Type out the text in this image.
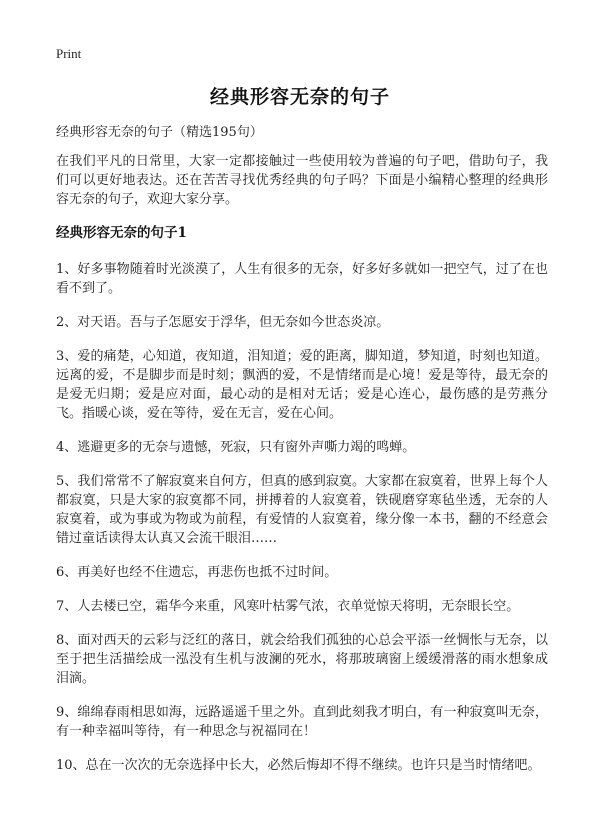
Print
经典形容无奈的句子
经典形容无奈的句子（精选195句）

在我们平凡的日常里，大家一定都接触过一些使用较为普遍的句子吧，借助句子，我们可以更好地表达。还在苦苦寻找优秀经典的句子吗？下面是小编精心整理的经典形容无奈的句子，欢迎大家分享。

经典形容无奈的句子1

1、好多事物随着时光淡漠了，人生有很多的无奈，好多好多就如一把空气，过了在也看不到了。

2、对天语。吾与子怎愿安于浮华，但无奈如今世态炎凉。

3、爱的痛楚，心知道，夜知道，泪知道；爱的距离，脚知道，梦知道，时刻也知道。远离的爱，不是脚步而是时刻；飘洒的爱，不是情绪而是心境！爱是等待，最无奈的是爱无归期；爱是应对面，最心动的是相对无话；爱是心连心，最伤感的是劳燕分飞。指暖心谈，爱在等待，爱在无言，爱在心间。

4、逃避更多的无奈与遗憾，死寂，只有窗外声嘶力竭的鸣蝉。

5、我们常常不了解寂寞来自何方，但真的感到寂寞。大家都在寂寞着，世界上每个人都寂寞，只是大家的寂寞都不同，拼搏着的人寂寞着，铁砚磨穿寒毡坐透，无奈的人寂寞着，或为事或为物或为前程，有爱情的人寂寞着，缘分像一本书，翻的不经意会错过童话读得太认真又会流干眼泪……

6、再美好也经不住遗忘，再悲伤也抵不过时间。

7、人去楼已空，霜华今来重，风寒叶枯雾气浓，衣单觉惊天将明，无奈眼长空。

8、面对西天的云彩与泛红的落日，就会给我们孤独的心总会平添一丝惆怅与无奈，以至于把生活描绘成一泓没有生机与波澜的死水，将那玻璃窗上缓缓滑落的雨水想象成泪滴。

9、绵绵春雨相思如海，远路遥遥千里之外。直到此刻我才明白，有一种寂寞叫无奈，有一种幸福叫等待，有一种思念与祝福同在！

10、总在一次次的无奈选择中长大，必然后悔却不得不继续。也许只是当时情绪吧。
